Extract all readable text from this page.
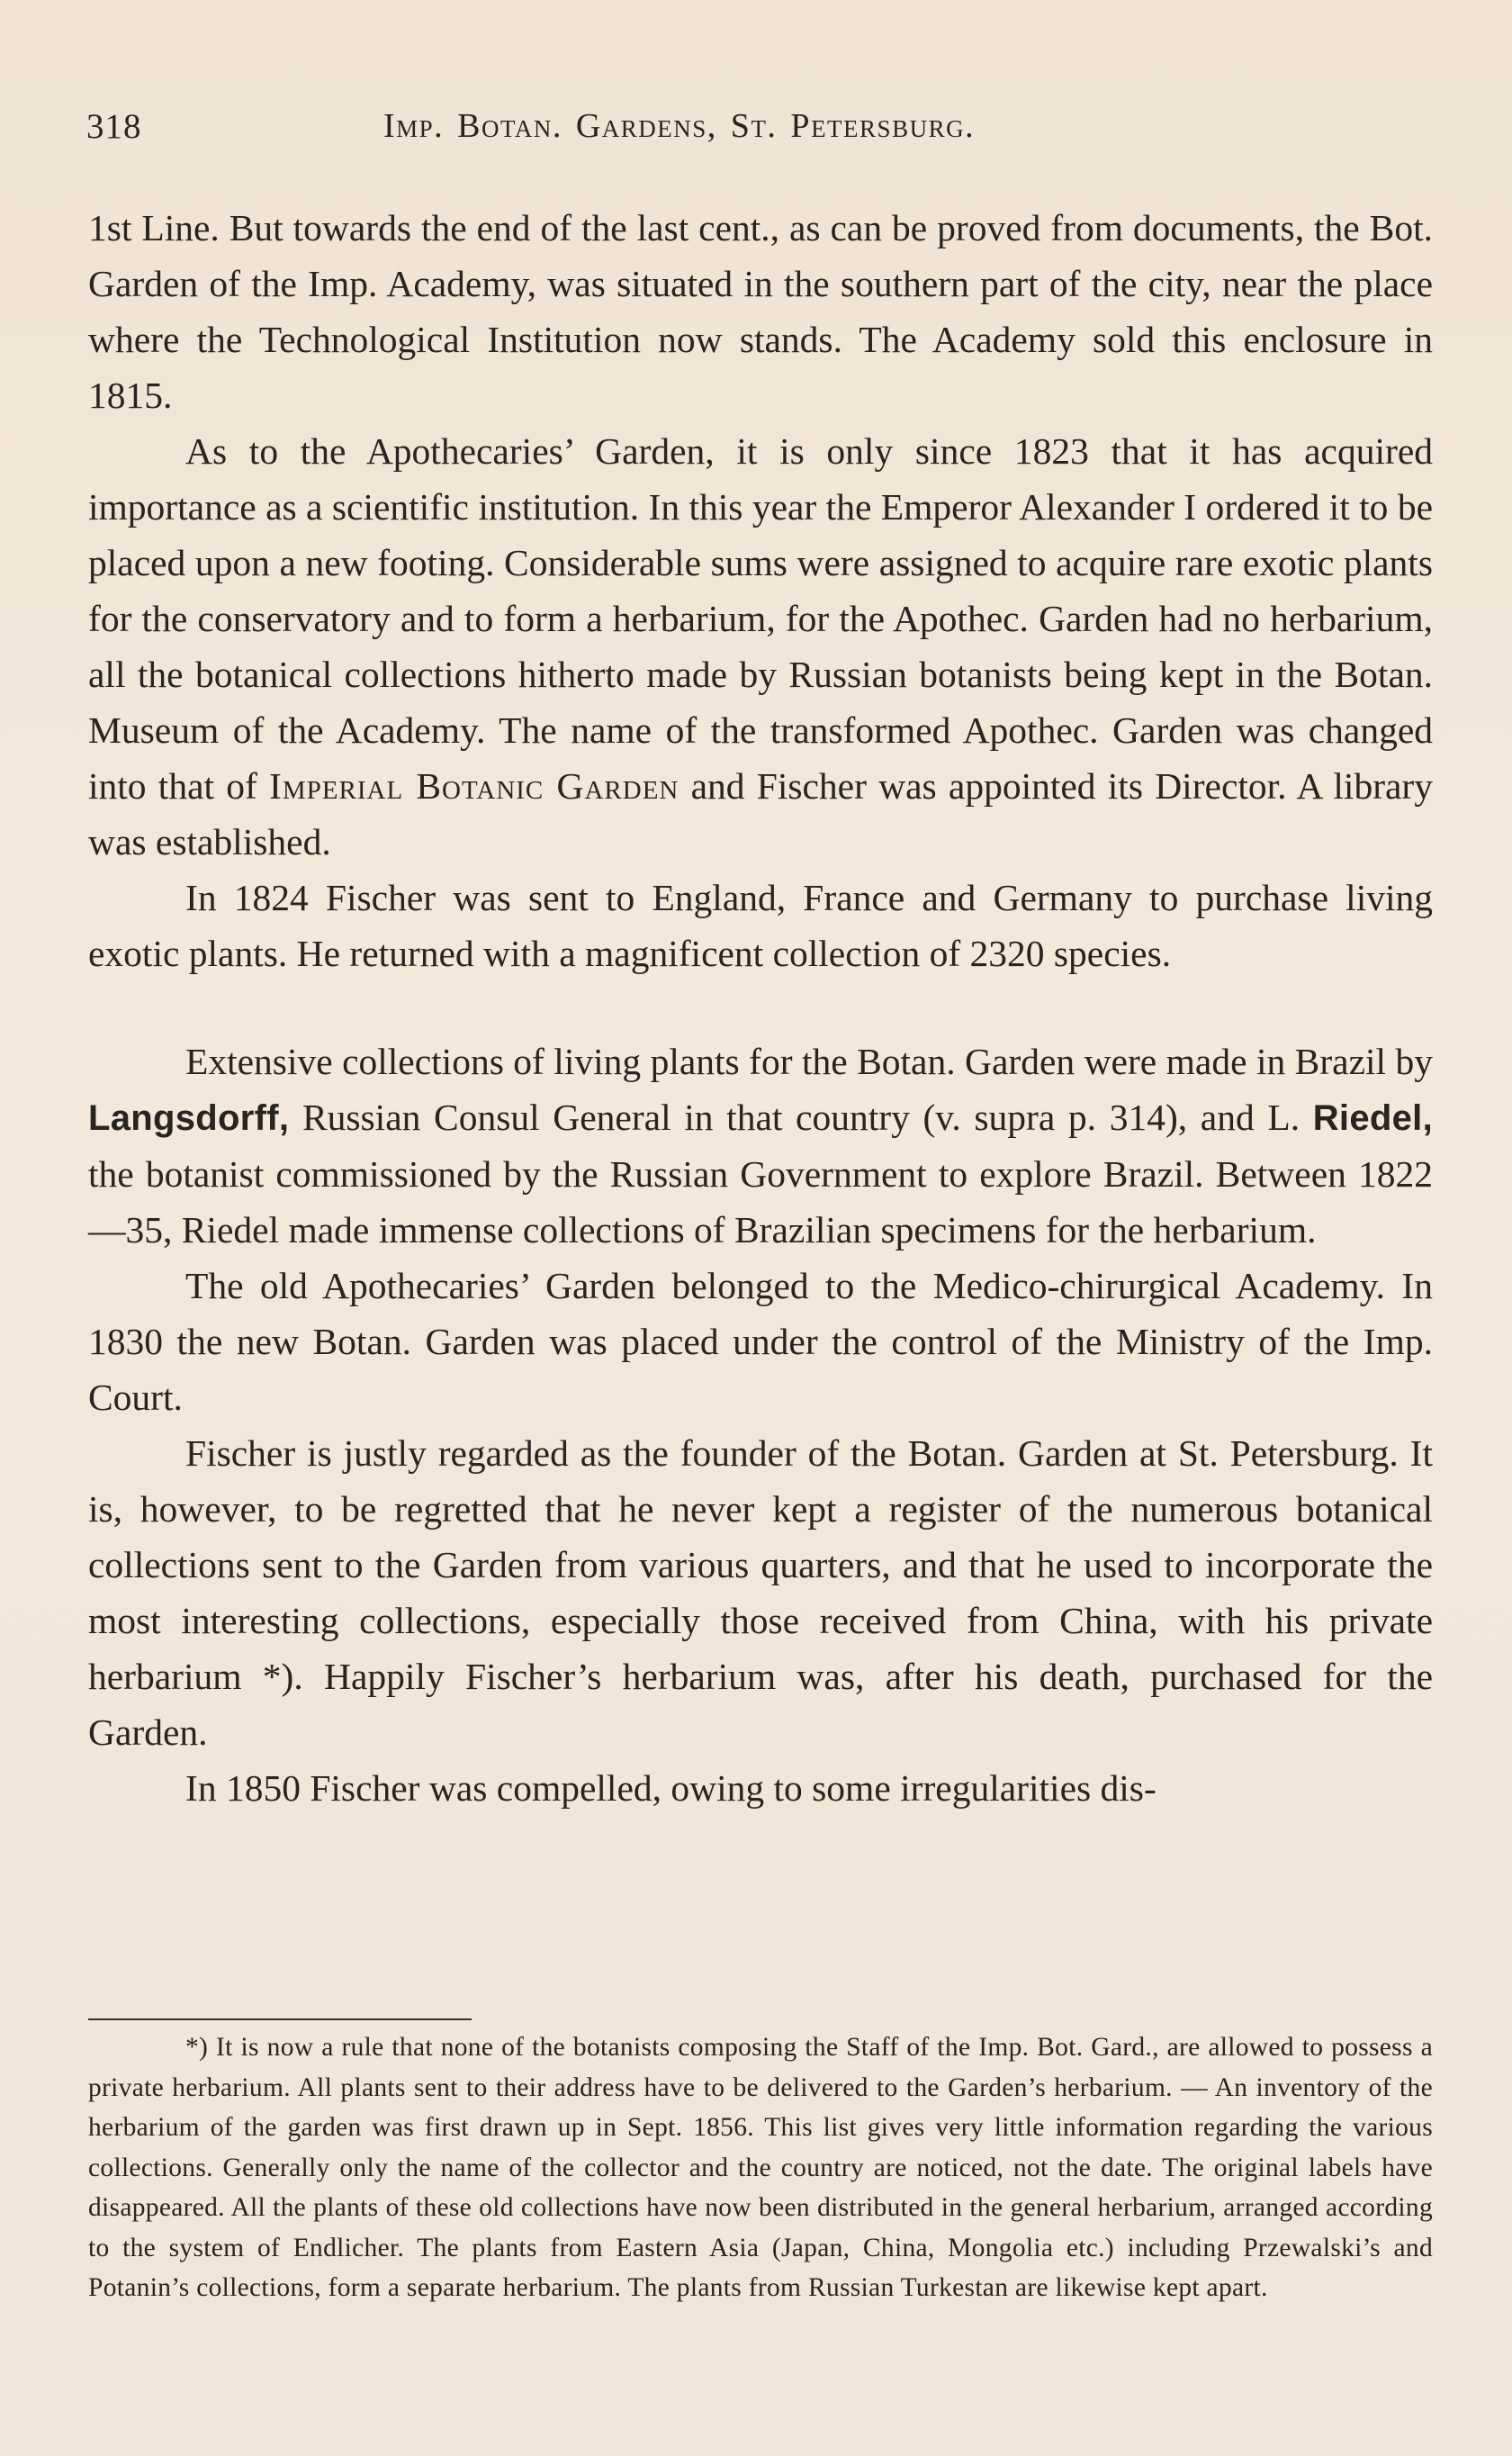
318	Imp. Botan. Gardens, St. Petersburg.

1st Line. But towards the end of the last cent., as can be proved from documents, the Bot. Garden of the Imp. Academy, was situated in the southern part of the city, near the place where the Technological Institution now stands. The Academy sold this enclosure in 1815.

As to the Apothecaries’ Garden, it is only since 1823 that it has acquired importance as a scientific institution. In this year the Emperor Alexander I ordered it to be placed upon a new footing. Considerable sums were assigned to acquire rare exotic plants for the conservatory and to form a herbarium, for the Apothec. Garden had no herbarium, all the botanical collections hitherto made by Russian botanists being kept in the Botan. Museum of the Academy. The name of the transformed Apothec. Garden was changed into that of Imperial Botanic Garden and Fischer was appointed its Director. A library was established.

In 1824 Fischer was sent to England, France and Germany to purchase living exotic plants. He returned with a magnificent collection of 2320 species.

Extensive collections of living plants for the Botan. Garden were made in Brazil by Langsdorff, Russian Consul General in that country (v. supra p. 314), and L. Riedel, the botanist commissioned by the Russian Government to explore Brazil. Between 1822—35, Riedel made immense collections of Brazilian specimens for the herbarium.

The old Apothecaries’ Garden belonged to the Medico-chirurgical Academy. In 1830 the new Botan. Garden was placed under the control of the Ministry of the Imp. Court.

Fischer is justly regarded as the founder of the Botan. Garden at St. Petersburg. It is, however, to be regretted that he never kept a register of the numerous botanical collections sent to the Garden from various quarters, and that he used to incorporate the most interesting collections, especially those received from China, with his private herbarium *). Happily Fischer’s herbarium was, after his death, purchased for the Garden.

In 1850 Fischer was compelled, owing to some irregularities dis-

*) It is now a rule that none of the botanists composing the Staff of the Imp. Bot. Gard., are allowed to possess a private herbarium. All plants sent to their address have to be delivered to the Garden’s herbarium. — An inventory of the herbarium of the garden was first drawn up in Sept. 1856. This list gives very little information regarding the various collections. Generally only the name of the collector and the country are noticed, not the date. The original labels have disappeared. All the plants of these old collections have now been distributed in the general herbarium, arranged according to the system of Endlicher. The plants from Eastern Asia (Japan, China, Mongolia etc.) including Przewalski’s and Potanin’s collections, form a separate herbarium. The plants from Russian Turkestan are likewise kept apart.
